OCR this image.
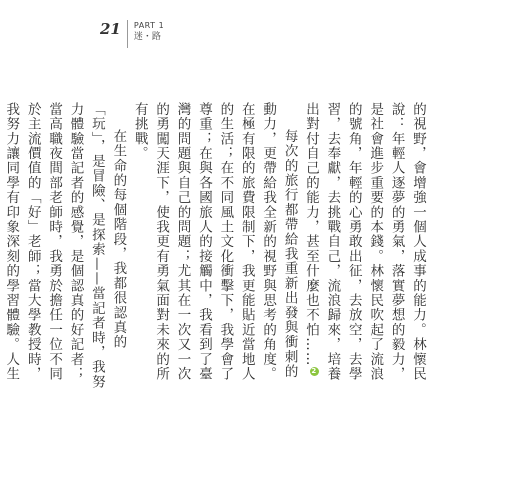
21 PART 1
迷・路
的視野，會增強一個人成事的能力。林懷民說：年輕人逐夢的勇氣，落實夢想的毅力，是社會進步重要的本錢。林懷民吹起了流浪的號角，年輕的心勇敢出征，去放空，去學習，去奉獻，去挑戰自己，流浪歸來，培養出對付自己的能力，甚至什麼也不怕……2
每次的旅行都帶給我重新出發與衝刺的動力，更帶給我全新的視野與思考的角度。在極有限的旅費限制下，我更能貼近當地人的生活；在不同風土文化衝擊下，我學會了尊重；在與各國旅人的接觸中，我看到了臺灣的問題與自己的問題；尤其在一次又一次的勇闖天涯下，使我更有勇氣面對未來的所有挑戰。
在生命的每個階段，我都很認真的「玩」，是冒險、是探索——當記者時，我努力體驗當記者的感覺，是個認真的好記者；當高職夜間部老師時，我勇於擔任一位不同於主流價值的「好」老師；當大學教授時，我努力讓同學有印象深刻的學習體驗。人生
